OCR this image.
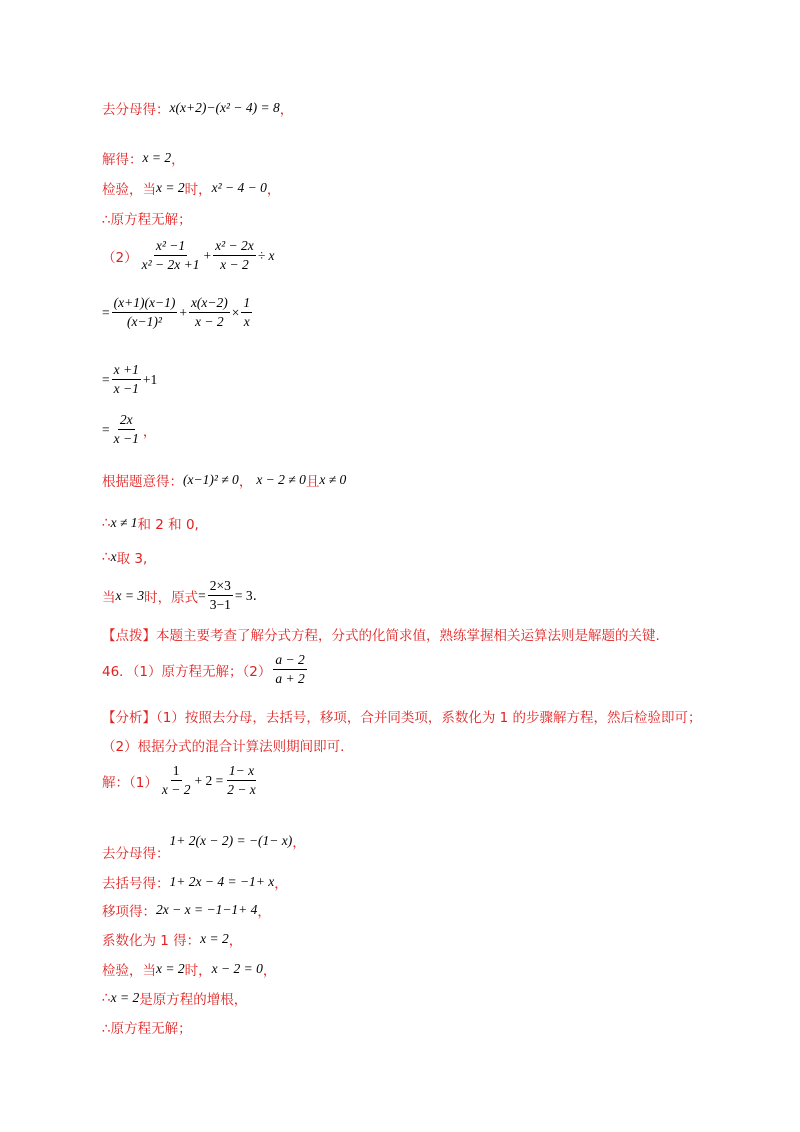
去分母得： x(x+2)−(x² − 4) = 8 ，
解得： x = 2 ，
检验，当 x = 2 时， x² − 4 − 0 ，
∴原方程无解；
$(2) \frac{\text{x² −1}}{\text{x² − 2x +1}} + \frac{\text{x² − 2x}}{x - 2} \div x$
= $\frac{(x+1)(x-1)}{\text{(x−1)²}} + \frac{x(x-2)}{x - 2} \times \frac{1}{x}$
= $\frac{x +1}{x -1} +1$
= $\frac{2x}{x -1}$ ，
根据题意得： (x−1)² ≠ 0 ， x − 2 ≠ 0 且 x ≠ 0
∴ x ≠ 1 和 2 和 0,
∴ x 取 3,
当 x = 3 时，原式 = $\frac{2\times 3}{3-1} = 3$ .
【点拨】本题主要考查了解分式方程，分式的化简求值，熟练掌握相关运算法则是解题的关键.
46．（1）原方程无解；$(2) \frac{a - 2}{a + 2}$
【分析】（1）按照去分母，去括号，移项，合并同类项，系数化为 1 的步骤解方程，然后检验即可；
（2）根据分式的混合计算法则期间即可.
解：$(1) \frac{1}{x - 2} + 2 = \frac{1- x}{2 - x}$
去分母得：
1+ 2(x − 2) = −(1− x) ，
去括号得： 1+ 2x − 4 = −1+ x ，
移项得： 2x − x = −1−1+ 4 ，
系数化为 1 得： x = 2 ，
检验，当 x = 2 时， x − 2 = 0 ，
∴ x = 2 是原方程的增根，
∴原方程无解；
